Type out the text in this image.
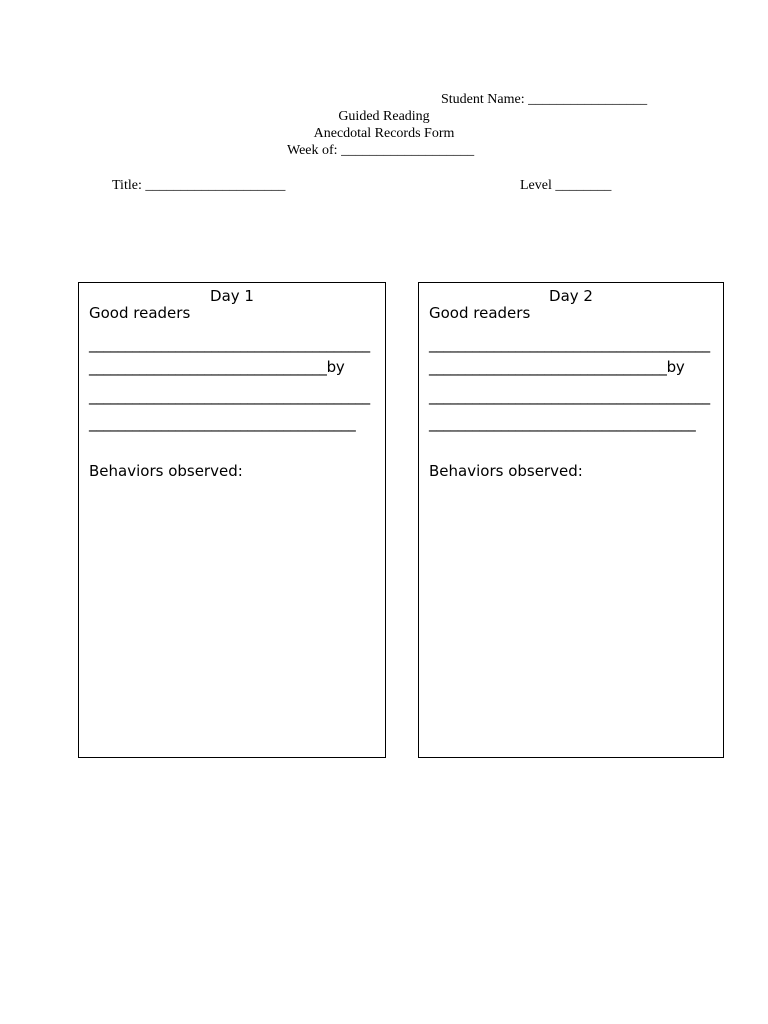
Student Name: _________________
Guided Reading
Anecdotal Records Form
Week of: ___________________
Title: ____________________	Level ________
Day 1
Good readers
_______________________________________
_________________________________by
_______________________________________
_____________________________________
Behaviors observed:
Day 2
Good readers
_______________________________________
_________________________________by
_______________________________________
_____________________________________
Behaviors observed:
